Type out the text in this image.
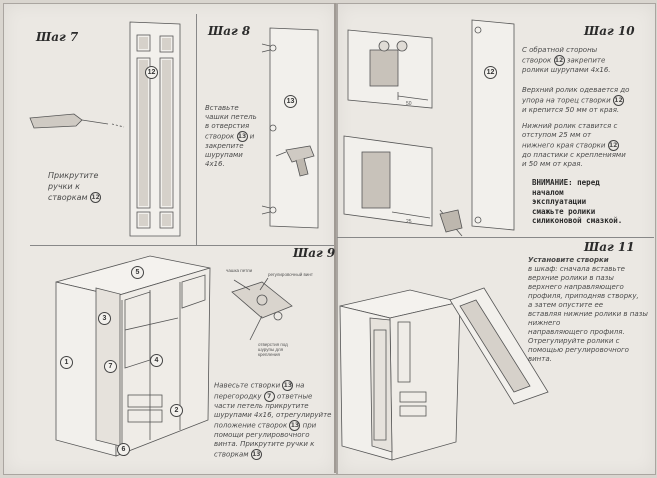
Шаг 7
12
Прикрутите
ручки к
створкам 12
Шаг 8
13
Вставьте
чашки петель
в отверстия
створок 13 и
закрепите
шурупами
4х16.
Шаг 9
5
1
3
7
4
2
6
чашка петли
регулировочный винт
отверстия под шурупы для крепления
Навесьте створки 13 на
перегородку 7 ответные
части петель прикрутите
шурупами 4х16, отрегулируйте
положение створок 13 при
помощи регулировочного
винта. Прикрутите ручки к
створкам 13
Шаг 10
12
50
25
С обратной стороны
створок 12 закрепите
ролики шурупами 4х16.
Верхний ролик одевается до
упора на торец створки 12
и крепится 50 мм от края.
Нижний ролик ставится с
отступом 25 мм от
нижнего края створки 12
до пластики с креплениями
и 50 мм от края.
ВНИМАНИЕ: перед
началом
эксплуатации
смажьте ролики
силиконовой смазкой.
Шаг 11
Установите створки
в шкаф: сначала вставьте
верхние ролики в пазы
верхнего направляющего
профиля, приподняв створку,
а затем опустите ее
вставляя нижние ролики в пазы
нижнего
направляющего профиля.
Отрегулируйте ролики с
помощью регулировочного
винта.
